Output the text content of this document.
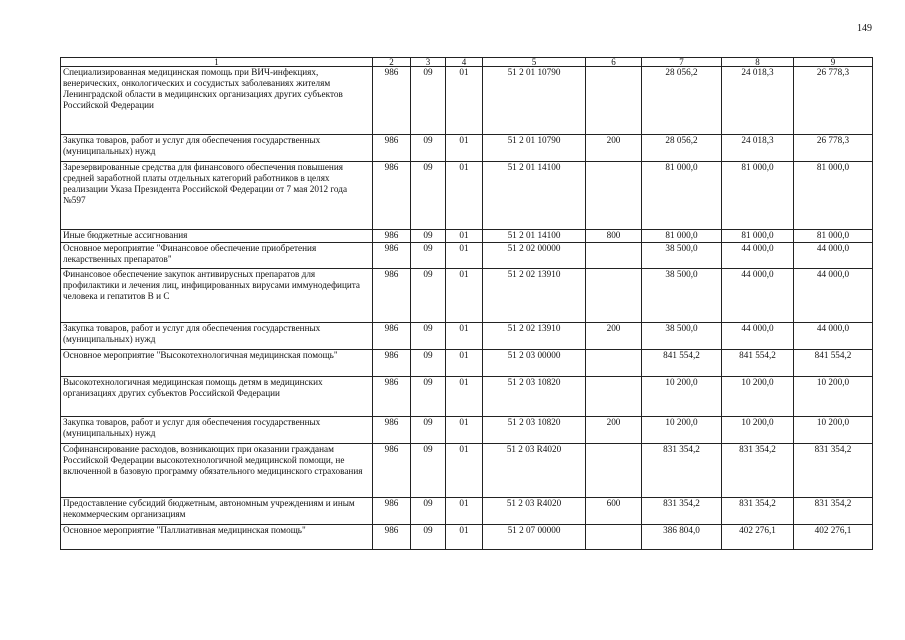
149
1	2	3	4	5	6	7	8	9
Специализированная медицинская помощь при ВИЧ-инфекциях, венерических, онкологических и сосудистых заболеваниях жителям Ленинградской области в медицинских организациях других субъектов Российской Федерации	986	09	01	51 2 01 10790		28 056,2	24 018,3	26 778,3
Закупка товаров, работ и услуг для обеспечения государственных (муниципальных) нужд	986	09	01	51 2 01 10790	200	28 056,2	24 018,3	26 778,3
Зарезервированные средства для финансового обеспечения повышения средней заработной платы отдельных категорий работников в целях реализации Указа Президента Российской Федерации от 7 мая 2012 года №597	986	09	01	51 2 01 14100		81 000,0	81 000,0	81 000,0
Иные бюджетные ассигнования	986	09	01	51 2 01 14100	800	81 000,0	81 000,0	81 000,0
Основное мероприятие "Финансовое обеспечение приобретения лекарственных препаратов"	986	09	01	51 2 02 00000		38 500,0	44 000,0	44 000,0
Финансовое обеспечение закупок антивирусных препаратов для профилактики и лечения лиц, инфицированных вирусами иммунодефицита человека и гепатитов В и С	986	09	01	51 2 02 13910		38 500,0	44 000,0	44 000,0
Закупка товаров, работ и услуг для обеспечения государственных (муниципальных) нужд	986	09	01	51 2 02 13910	200	38 500,0	44 000,0	44 000,0
Основное мероприятие "Высокотехнологичная медицинская помощь"	986	09	01	51 2 03 00000		841 554,2	841 554,2	841 554,2
Высокотехнологичная медицинская помощь детям в медицинских организациях других субъектов Российской Федерации	986	09	01	51 2 03 10820		10 200,0	10 200,0	10 200,0
Закупка товаров, работ и услуг для обеспечения государственных (муниципальных) нужд	986	09	01	51 2 03 10820	200	10 200,0	10 200,0	10 200,0
Софинансирование расходов, возникающих при оказании гражданам Российской Федерации высокотехнологичной медицинской помощи, не включенной в базовую программу обязательного медицинского страхования	986	09	01	51 2 03 R4020		831 354,2	831 354,2	831 354,2
Предоставление субсидий бюджетным, автономным учреждениям и иным некоммерческим организациям	986	09	01	51 2 03 R4020	600	831 354,2	831 354,2	831 354,2
Основное мероприятие "Паллиативная медицинская помощь"	986	09	01	51 2 07 00000		386 804,0	402 276,1	402 276,1
